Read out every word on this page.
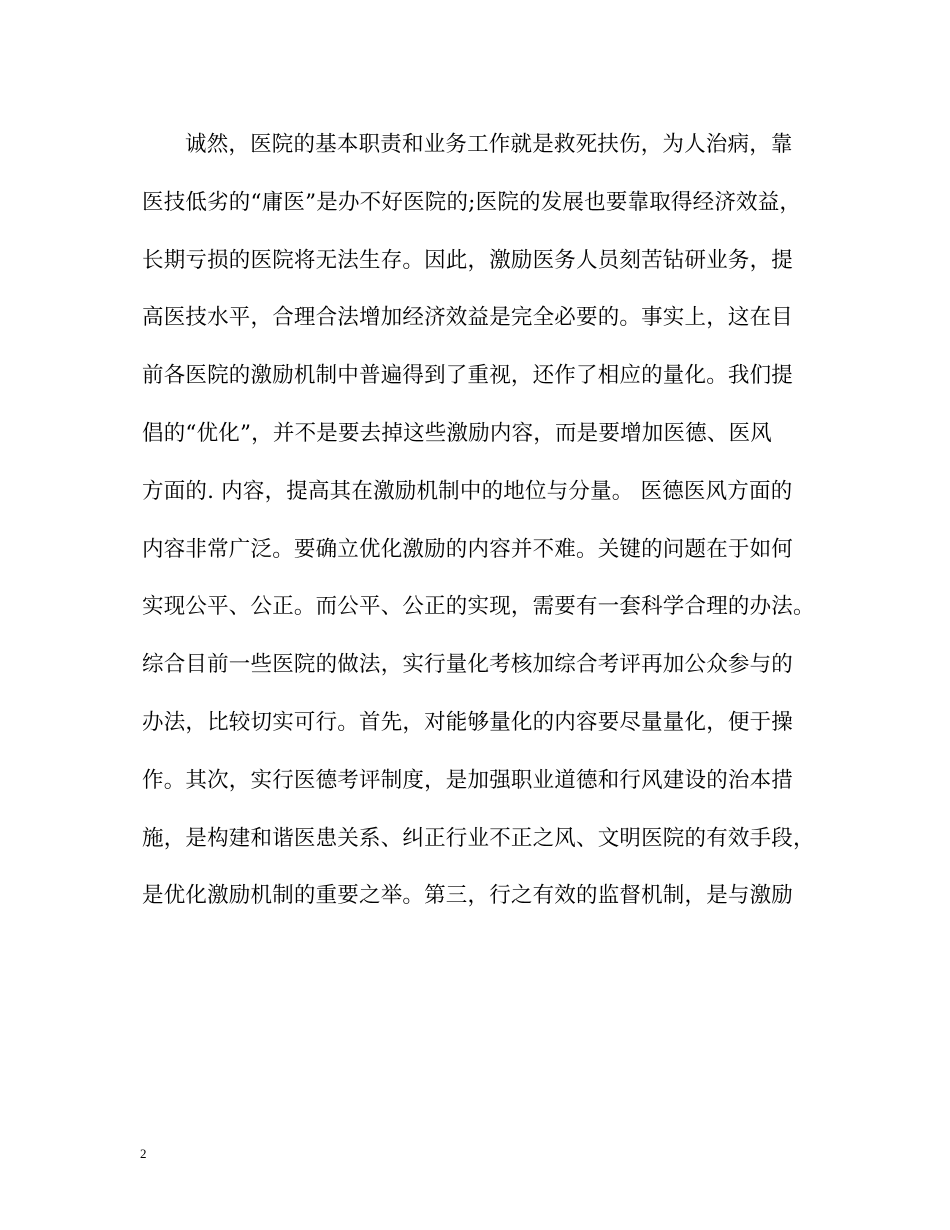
诚然，医院的基本职责和业务工作就是救死扶伤，为人治病，靠
医技低劣的“庸医”是办不好医院的;医院的发展也要靠取得经济效益，
长期亏损的医院将无法生存。因此，激励医务人员刻苦钻研业务，提
高医技水平，合理合法增加经济效益是完全必要的。事实上，这在目
前各医院的激励机制中普遍得到了重视，还作了相应的量化。我们提
倡的“优化”，并不是要去掉这些激励内容，而是要增加医德、医风
方面的. 内容，提高其在激励机制中的地位与分量。 医德医风方面的
内容非常广泛。要确立优化激励的内容并不难。关键的问题在于如何
实现公平、公正。而公平、公正的实现，需要有一套科学合理的办法。
综合目前一些医院的做法，实行量化考核加综合考评再加公众参与的
办法，比较切实可行。首先，对能够量化的内容要尽量量化，便于操
作。其次，实行医德考评制度，是加强职业道德和行风建设的治本措
施，是构建和谐医患关系、纠正行业不正之风、文明医院的有效手段，
是优化激励机制的重要之举。第三，行之有效的监督机制，是与激励
2
